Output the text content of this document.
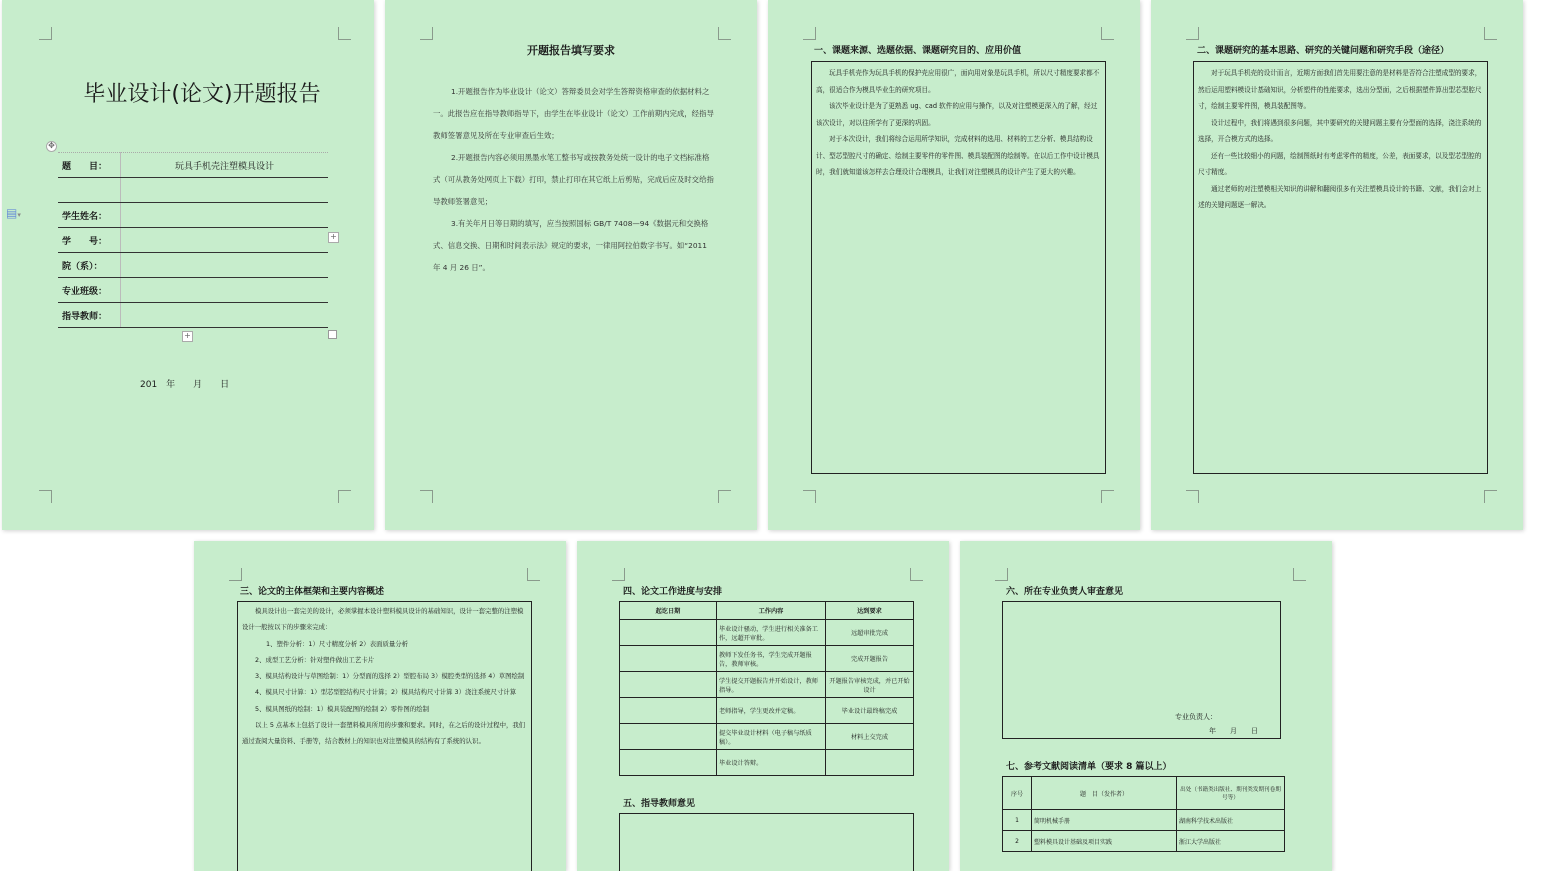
毕业设计(论文)开题报告
✥
▤▾
题　　目：	玩具手机壳注塑模具设计

学生姓名：	
学　　号：	
院（系）：	
专业班级：	
指导教师：	
+
+
201　年　　月　　日
开题报告填写要求

1.开题报告作为毕业设计（论文）答辩委员会对学生答辩资格审查的依据材料之一。此报告应在指导教师指导下，由学生在毕业设计（论文）工作前期内完成，经指导教师签署意见及所在专业审查后生效；

2.开题报告内容必须用黑墨水笔工整书写或按教务处统一设计的电子文档标准格式（可从教务处网页上下载）打印，禁止打印在其它纸上后剪贴，完成后应及时交给指导教师签署意见；

3.有关年月日等日期的填写，应当按照国标 GB/T 7408—94《数据元和交换格式、信息交换、日期和时间表示法》规定的要求，一律用阿拉伯数字书写。如“2011 年 4 月 26 日”。

一、课题来源、选题依据、课题研究目的、应用价值

玩具手机壳作为玩具手机的保护壳应用很广，面向用对象是玩具手机，所以尺寸精度要求都不高，很适合作为模具毕业生的研究项目。

该次毕业设计是为了更熟悉 ug、cad 软件的应用与操作，以及对注塑模更深入的了解，经过该次设计，对以往所学有了更深的巩固。

对于本次设计，我们将综合运用所学知识，完成材料的选用、材料的工艺分析、模具结构设计、型芯型腔尺寸的确定、绘制主要零件的零件图、模具装配图的绘制等。在以后工作中设计模具时，我们就知道该怎样去合理设计合理模具，让我们对注塑模具的设计产生了更大的兴趣。

二、课题研究的基本思路、研究的关键问题和研究手段（途径）

对于玩具手机壳的设计而言，近期方面我们首先用要注意的是材料是否符合注塑成型的要求，然后运用塑料模设计基础知识，分析塑件的性能要求，选出分型面，之后根据塑件算出型芯型腔尺寸，绘制主要零件图，模具装配图等。

设计过程中，我们将遇到很多问题，其中要研究的关键问题主要有分型面的选择，浇注系统的选择，开合模方式的选择。

还有一些比较细小的问题，绘制图纸时有考虑零件的精度，公差，表面要求，以及型芯型腔的尺寸精度。

通过老师的对注塑模相关知识的讲解和翻阅很多有关注塑模具设计的书籍、文献，我们会对上述的关键问题逐一解决。

三、论文的主体框架和主要内容概述

模具设计出一套完美的设计，必须掌握本设计塑料模具设计的基础知识，设计一套完整的注塑模设计一般按以下的步骤来完成：

1、塑件分析：1）尺寸精度分析 2）表面质量分析

2、成型工艺分析：针对塑件做出工艺卡片

3、模具结构设计与草图绘制：1）分型面的选择 2）型腔布局 3）模腔类型的选择 4）草图绘制

4、模具尺寸计算：1）型芯型腔结构尺寸计算；2）模具结构尺寸计算 3）浇注系统尺寸计算

5、模具图纸的绘制：1）模具装配图的绘制 2）零件图的绘制

以上 5 点基本上包括了设计一套塑料模具所用的步骤和要求。同时，在之后的设计过程中，我们通过查阅大量资料、手册等，结合教材上的知识也对注塑模具的结构有了系统的认识。

四、论文工作进度与安排
起讫日期	工作内容	达到要求
	毕业设计骚动，学生进行相关准备工作，远超开审批。	远超审批完成
	教师下发任务书，学生完成开题报告，教师审核。	完成开题报告
	学生提交开题报告并开始设计，教师指导。	开题报告审核完成，并已开始设计
	老师指导，学生更改并定稿。	毕业设计最终稿完成
	提交毕业设计材料（电子稿与纸质稿）。	材料上交完成
	毕业设计答辩。	
五、指导教师意见
六、所在专业负责人审查意见
专业负责人：
年　　月　　日
七、参考文献阅读清单（要求 8 篇以上）
序号	题　目（发作者）	出处（书籍类出版社、期刊类发期刊卷期号等）
1	简明机械手册	湖南科学技术出版社
2	塑料模具设计基础及项目实践	浙江大学出版社
